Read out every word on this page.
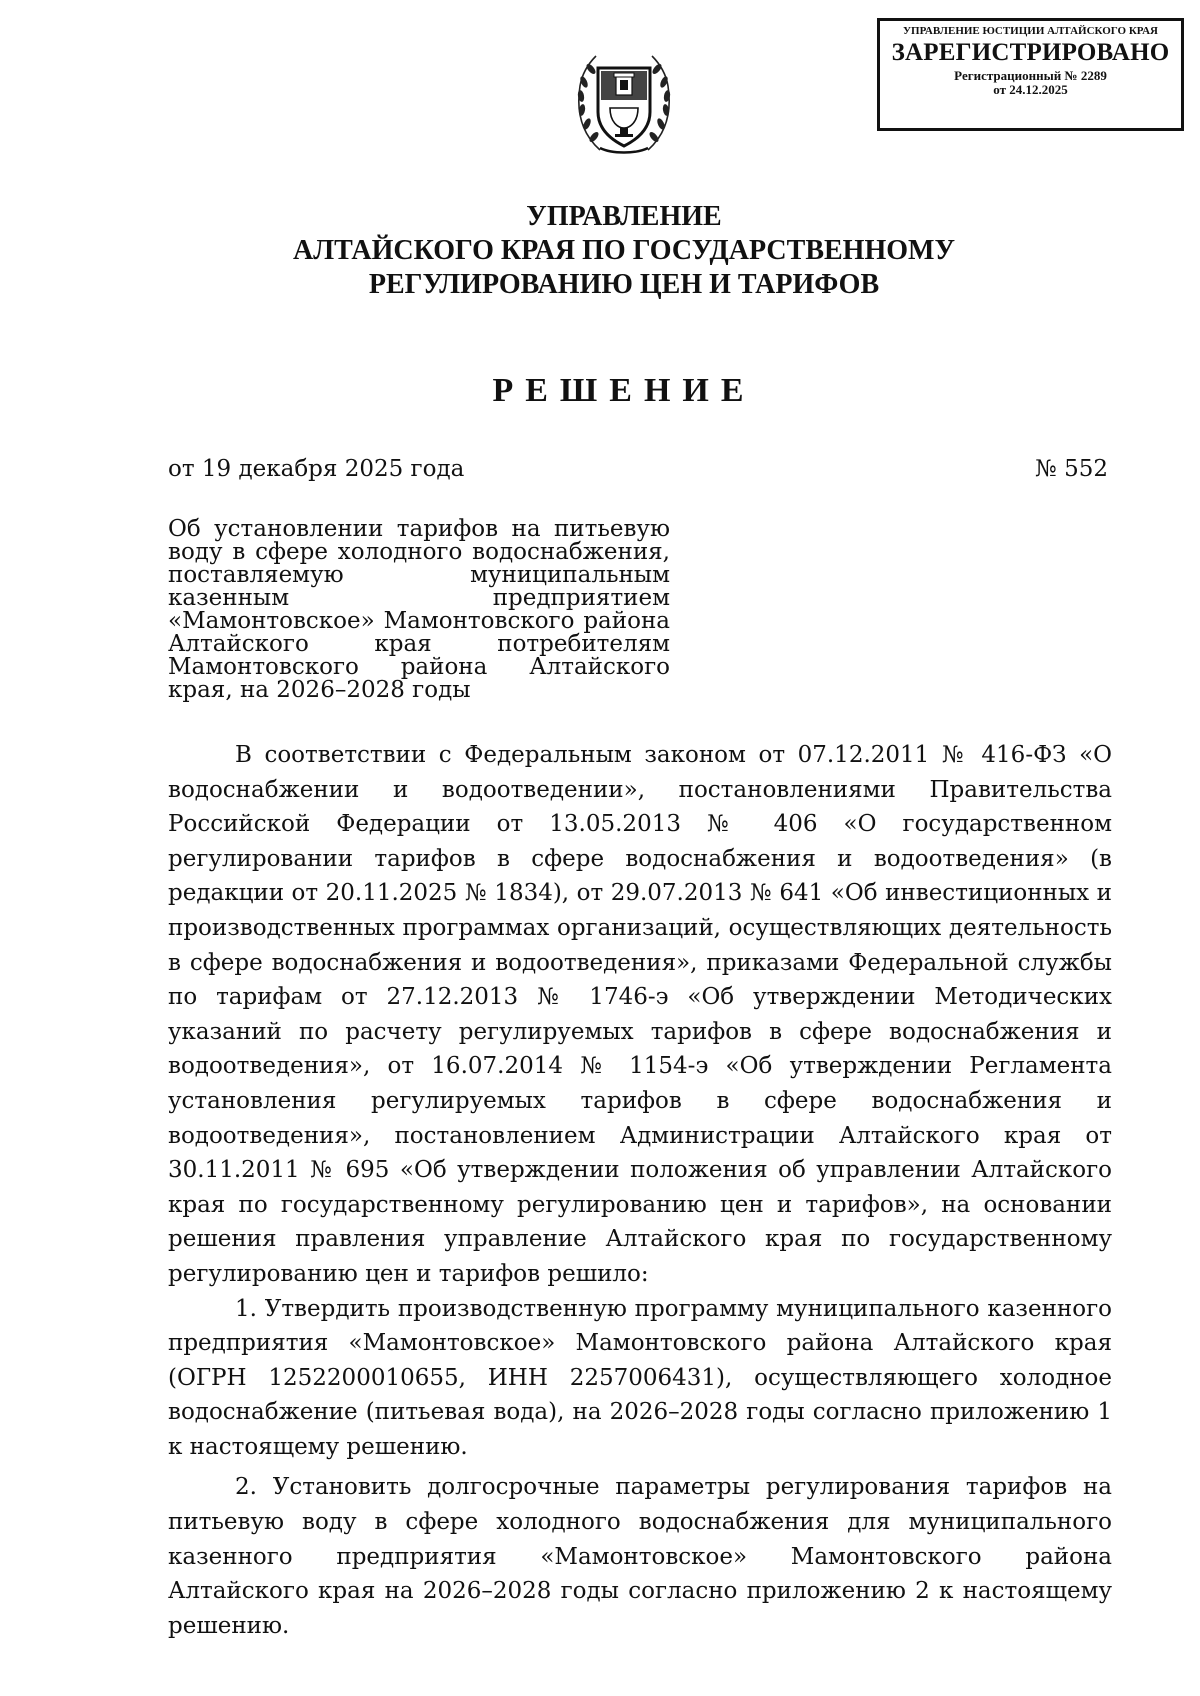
УПРАВЛЕНИЕ ЮСТИЦИИ АЛТАЙСКОГО КРАЯ
ЗАРЕГИСТРИРОВАНО
Регистрационный № 2289
от 24.12.2025
УПРАВЛЕНИЕ
АЛТАЙСКОГО КРАЯ ПО ГОСУДАРСТВЕННОМУ
РЕГУЛИРОВАНИЮ ЦЕН И ТАРИФОВ
РЕШЕНИЕ
от 19 декабря 2025 года	№ 552
Об установлении тарифов на питьевую воду в сфере холодного водоснабжения, поставляемую муниципальным казенным предприятием «Мамонтовское» Мамонтовского района Алтайского края потребителям Мамонтовского района Алтайского края, на 2026–2028 годы

В соответствии с Федеральным законом от 07.12.2011 № 416-ФЗ «О водоснабжении и водоотведении», постановлениями Правительства Российской Федерации от 13.05.2013 № 406 «О государственном регулировании тарифов в сфере водоснабжения и водоотведения» (в редакции от 20.11.2025 № 1834), от 29.07.2013 № 641 «Об инвестиционных и производственных программах организаций, осуществляющих деятельность в сфере водоснабжения и водоотведения», приказами Федеральной службы по тарифам от 27.12.2013 № 1746-э «Об утверждении Методических указаний по расчету регулируемых тарифов в сфере водоснабжения и водоотведения», от 16.07.2014 № 1154-э «Об утверждении Регламента установления регулируемых тарифов в сфере водоснабжения и водоотведения», постановлением Администрации Алтайского края от 30.11.2011 № 695 «Об утверждении положения об управлении Алтайского края по государственному регулированию цен и тарифов», на основании решения правления управление Алтайского края по государственному регулированию цен и тарифов решило:

1. Утвердить производственную программу муниципального казенного предприятия «Мамонтовское» Мамонтовского района Алтайского края (ОГРН 1252200010655, ИНН 2257006431), осуществляющего холодное водоснабжение (питьевая вода), на 2026–2028 годы согласно приложению 1 к настоящему решению.

2. Установить долгосрочные параметры регулирования тарифов на питьевую воду в сфере холодного водоснабжения для муниципального казенного предприятия «Мамонтовское» Мамонтовского района Алтайского края на 2026–2028 годы согласно приложению 2 к настоящему решению.
